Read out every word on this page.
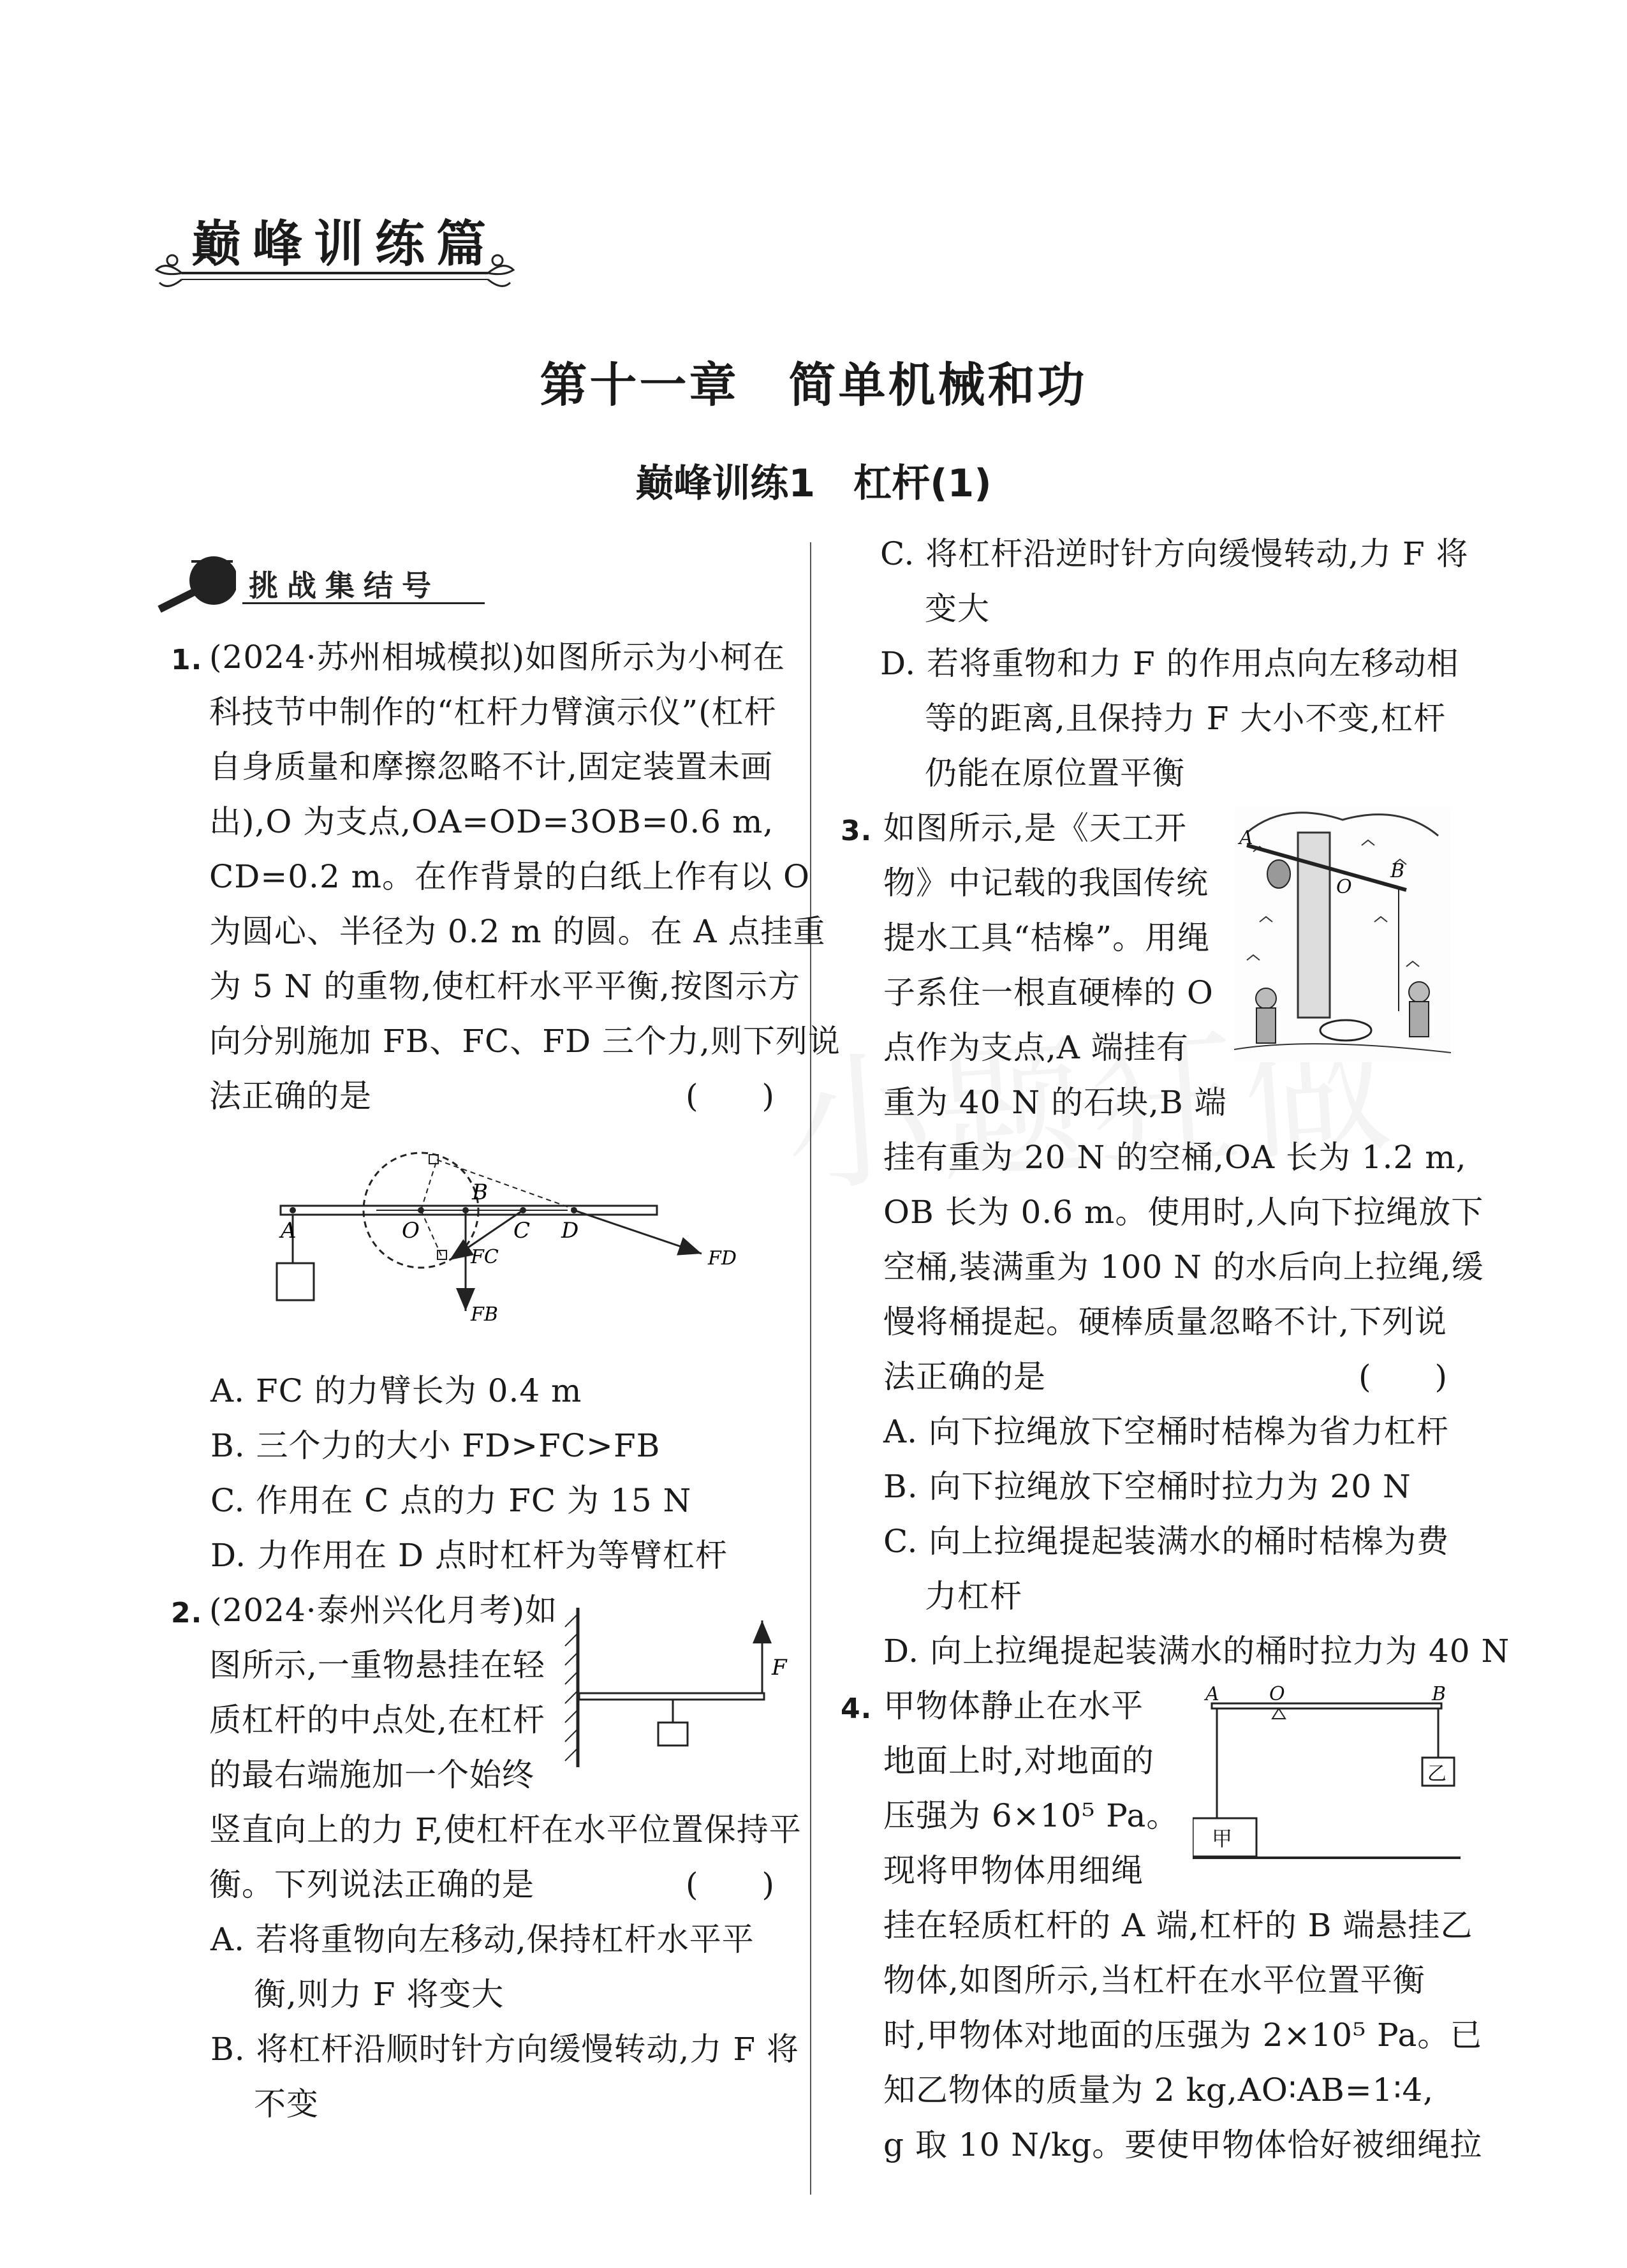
巅峰训练篇
第十一章　简单机械和功
巅峰训练1　杠杆(1)
挑战集结号
1. (2024·苏州相城模拟)如图所示为小柯在
科技节中制作的“杠杆力臂演示仪”(杠杆
自身质量和摩擦忽略不计,固定装置未画
出),O 为支点,OA=OD=3OB=0.6 m,
CD=0.2 m。在作背景的白纸上作有以 O
为圆心、半径为 0.2 m 的圆。在 A 点挂重
为 5 N 的重物,使杠杆水平平衡,按图示方
向分别施加 FB、FC、FD 三个力,则下列说
法正确的是	(　　)
A	O
B
C D
FC
FB
FD
A. FC 的力臂长为 0.4 m
B. 三个力的大小 FD>FC>FB
C. 作用在 C 点的力 FC 为 15 N
D. 力作用在 D 点时杠杆为等臂杠杆
2. (2024·泰州兴化月考)如
图所示,一重物悬挂在轻
质杠杆的中点处,在杠杆
的最右端施加一个始终
竖直向上的力 F,使杠杆在水平位置保持平
衡。下列说法正确的是	(　　)
F
A. 若将重物向左移动,保持杠杆水平平
衡,则力 F 将变大
B. 将杠杆沿顺时针方向缓慢转动,力 F 将
不变
C. 将杠杆沿逆时针方向缓慢转动,力 F 将
变大
D. 若将重物和力 F 的作用点向左移动相
等的距离,且保持力 F 大小不变,杠杆
仍能在原位置平衡
3. 如图所示,是《天工开
物》中记载的我国传统
提水工具“桔槔”。用绳
子系住一根直硬棒的 O
点作为支点,A 端挂有
重为 40 N 的石块,B 端
挂有重为 20 N 的空桶,OA 长为 1.2 m,
OB 长为 0.6 m。使用时,人向下拉绳放下
空桶,装满重为 100 N 的水后向上拉绳,缓
慢将桶提起。硬棒质量忽略不计,下列说
法正确的是	(　　)
A
O
B
A. 向下拉绳放下空桶时桔槔为省力杠杆
B. 向下拉绳放下空桶时拉力为 20 N
C. 向上拉绳提起装满水的桶时桔槔为费
力杠杆
D. 向上拉绳提起装满水的桶时拉力为 40 N
4. 甲物体静止在水平
地面上时,对地面的
压强为 6×10⁵ Pa。
现将甲物体用细绳
挂在轻质杠杆的 A 端,杠杆的 B 端悬挂乙
物体,如图所示,当杠杆在水平位置平衡
时,甲物体对地面的压强为 2×10⁵ Pa。已
知乙物体的质量为 2 kg,AO∶AB=1∶4,
g 取 10 N/kg。要使甲物体恰好被细绳拉
A	O	B
甲
乙
